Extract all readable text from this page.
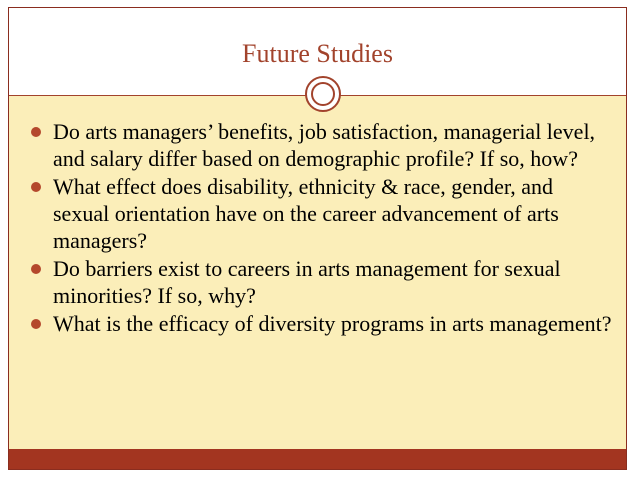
Future Studies
Do arts managers’ benefits, job satisfaction, managerial level, and salary differ based on demographic profile? If so, how?
What effect does disability, ethnicity & race, gender, and sexual orientation have on the career advancement of arts managers?
Do barriers exist to careers in arts management for sexual minorities? If so, why?
What is the efficacy of diversity programs in arts management?
